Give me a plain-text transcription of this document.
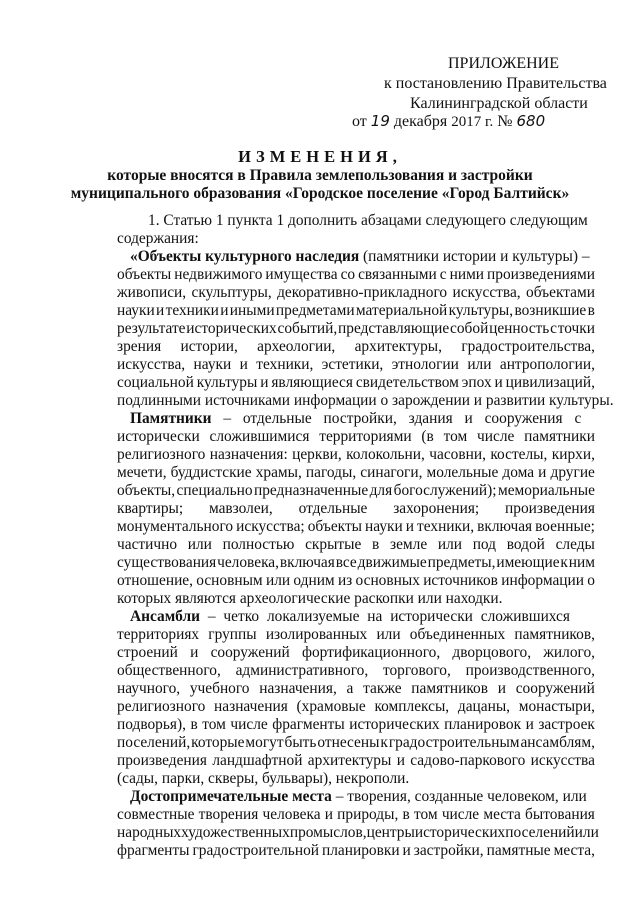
ПРИЛОЖЕНИЕ
к постановлению Правительства
Калининградской области
от 19 декабря 2017 г. № 680
ИЗМЕНЕНИЯ,
которые вносятся в Правила землепользования и застройки
муниципального образования «Городское поселение «Город Балтийск»
1. Статью 1 пункта 1 дополнить абзацами следующего следующим
содержания:
«Объекты культурного наследия (памятники истории и культуры) –
объекты недвижимого имущества со связанными с ними произведениями
живописи, скульптуры, декоративно-прикладного искусства, объектами
науки и техники и иными предметами материальной культуры, возникшие в
результате исторических событий, представляющие собой ценность с точки
зрения истории, археологии, архитектуры, градостроительства,
искусства, науки и техники, эстетики, этнологии или антропологии,
социальной культуры и являющиеся свидетельством эпох и цивилизаций,
подлинными источниками информации о зарождении и развитии культуры.
Памятники – отдельные постройки, здания и сооружения с
исторически сложившимися территориями (в том числе памятники
религиозного назначения: церкви, колокольни, часовни, костелы, кирхи,
мечети, буддистские храмы, пагоды, синагоги, молельные дома и другие
объекты, специально предназначенные для богослужений); мемориальные
квартиры; мавзолеи, отдельные захоронения; произведения
монументального искусства; объекты науки и техники, включая военные;
частично или полностью скрытые в земле или под водой следы
существования человека, включая все движимые предметы, имеющие к ним
отношение, основным или одним из основных источников информации о
которых являются археологические раскопки или находки.
Ансамбли – четко локализуемые на исторически сложившихся
территориях группы изолированных или объединенных памятников,
строений и сооружений фортификационного, дворцового, жилого,
общественного, административного, торгового, производственного,
научного, учебного назначения, а также памятников и сооружений
религиозного назначения (храмовые комплексы, дацаны, монастыри,
подворья), в том числе фрагменты исторических планировок и застроек
поселений, которые могут быть отнесены к градостроительным ансамблям,
произведения ландшафтной архитектуры и садово-паркового искусства
(сады, парки, скверы, бульвары), некрополи.
Достопримечательные места – творения, созданные человеком, или
совместные творения человека и природы, в том числе места бытования
народных художественных промыслов, центры исторических поселений или
фрагменты градостроительной планировки и застройки, памятные места,
